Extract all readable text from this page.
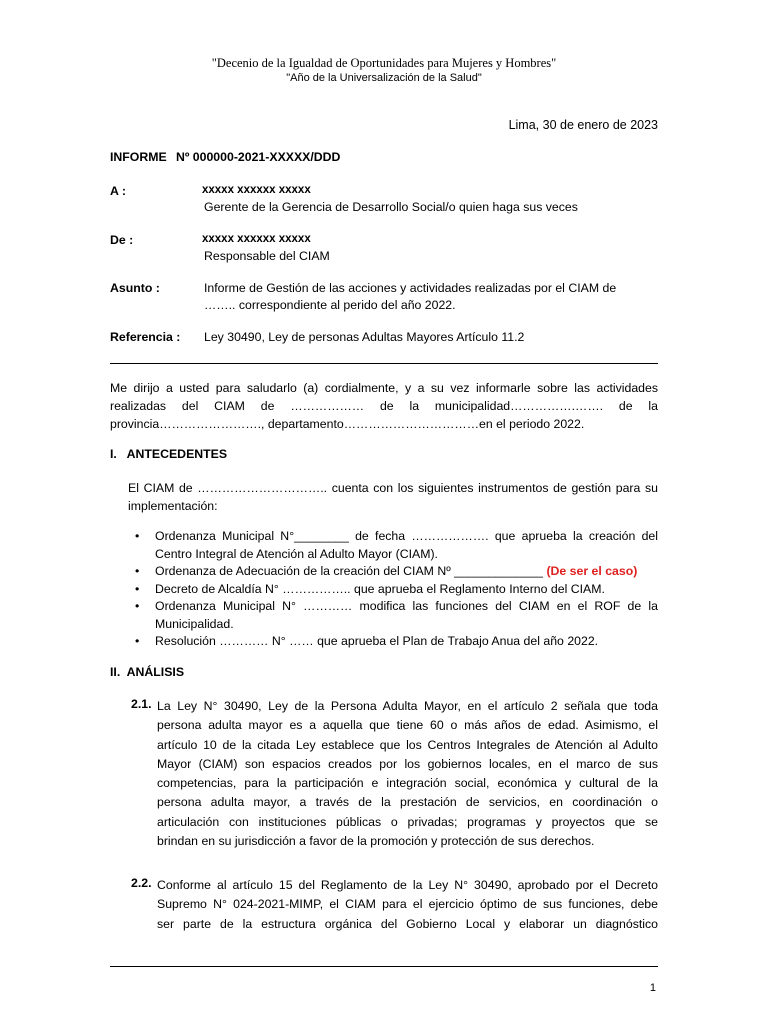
"Decenio de la Igualdad de Oportunidades para Mujeres y Hombres"
"Año de la Universalización de la Salud"
Lima, 30 de enero de 2023
INFORME Nº 000000-2021-XXXXX/DDD
A :	xxxxx xxxxxx xxxxx
Gerente de la Gerencia de Desarrollo Social/o quien haga sus veces
De :	xxxxx xxxxxx xxxxx
Responsable del CIAM
Asunto :	Informe de Gestión de las acciones y actividades realizadas por el CIAM de
…….. correspondiente al perido del año 2022.
Referencia : Ley 30490, Ley de personas Adultas Mayores Artículo 11.2
Me dirijo a usted para saludarlo (a) cordialmente, y a su vez informarle sobre las actividades
realizadas del CIAM de ……………… de la municipalidad…………….……. de la
provincia……………………., departamento……………………………en el periodo 2022.
I.   ANTECEDENTES
El CIAM de ………………………….. cuenta con los siguientes instrumentos de gestión para su
implementación:
• Ordenanza Municipal N°________ de fecha ………………. que aprueba la creación del
Centro Integral de Atención al Adulto Mayor (CIAM).
• Ordenanza de Adecuación de la creación del CIAM Nº _____________ (De ser el caso)
• Decreto de Alcaldía N° …………….. que aprueba el Reglamento Interno del CIAM.
• Ordenanza Municipal N° ………… modifica las funciones del CIAM en el ROF de la
Municipalidad.
• Resolución ………… N° …… que aprueba el Plan de Trabajo Anua del año 2022.
II.  ANÁLISIS
2.1. La Ley N° 30490, Ley de la Persona Adulta Mayor, en el artículo 2 señala que toda
persona adulta mayor es a aquella que tiene 60 o más años de edad. Asimismo, el
artículo 10 de la citada Ley establece que los Centros Integrales de Atención al Adulto
Mayor (CIAM) son espacios creados por los gobiernos locales, en el marco de sus
competencias, para la participación e integración social, económica y cultural de la
persona adulta mayor, a través de la prestación de servicios, en coordinación o
articulación con instituciones públicas o privadas; programas y proyectos que se
brindan en su jurisdicción a favor de la promoción y protección de sus derechos.
2.2. Conforme al artículo 15 del Reglamento de la Ley N° 30490, aprobado por el Decreto
Supremo N° 024-2021-MIMP, el CIAM para el ejercicio óptimo de sus funciones, debe
ser parte de la estructura orgánica del Gobierno Local y elaborar un diagnóstico
1
